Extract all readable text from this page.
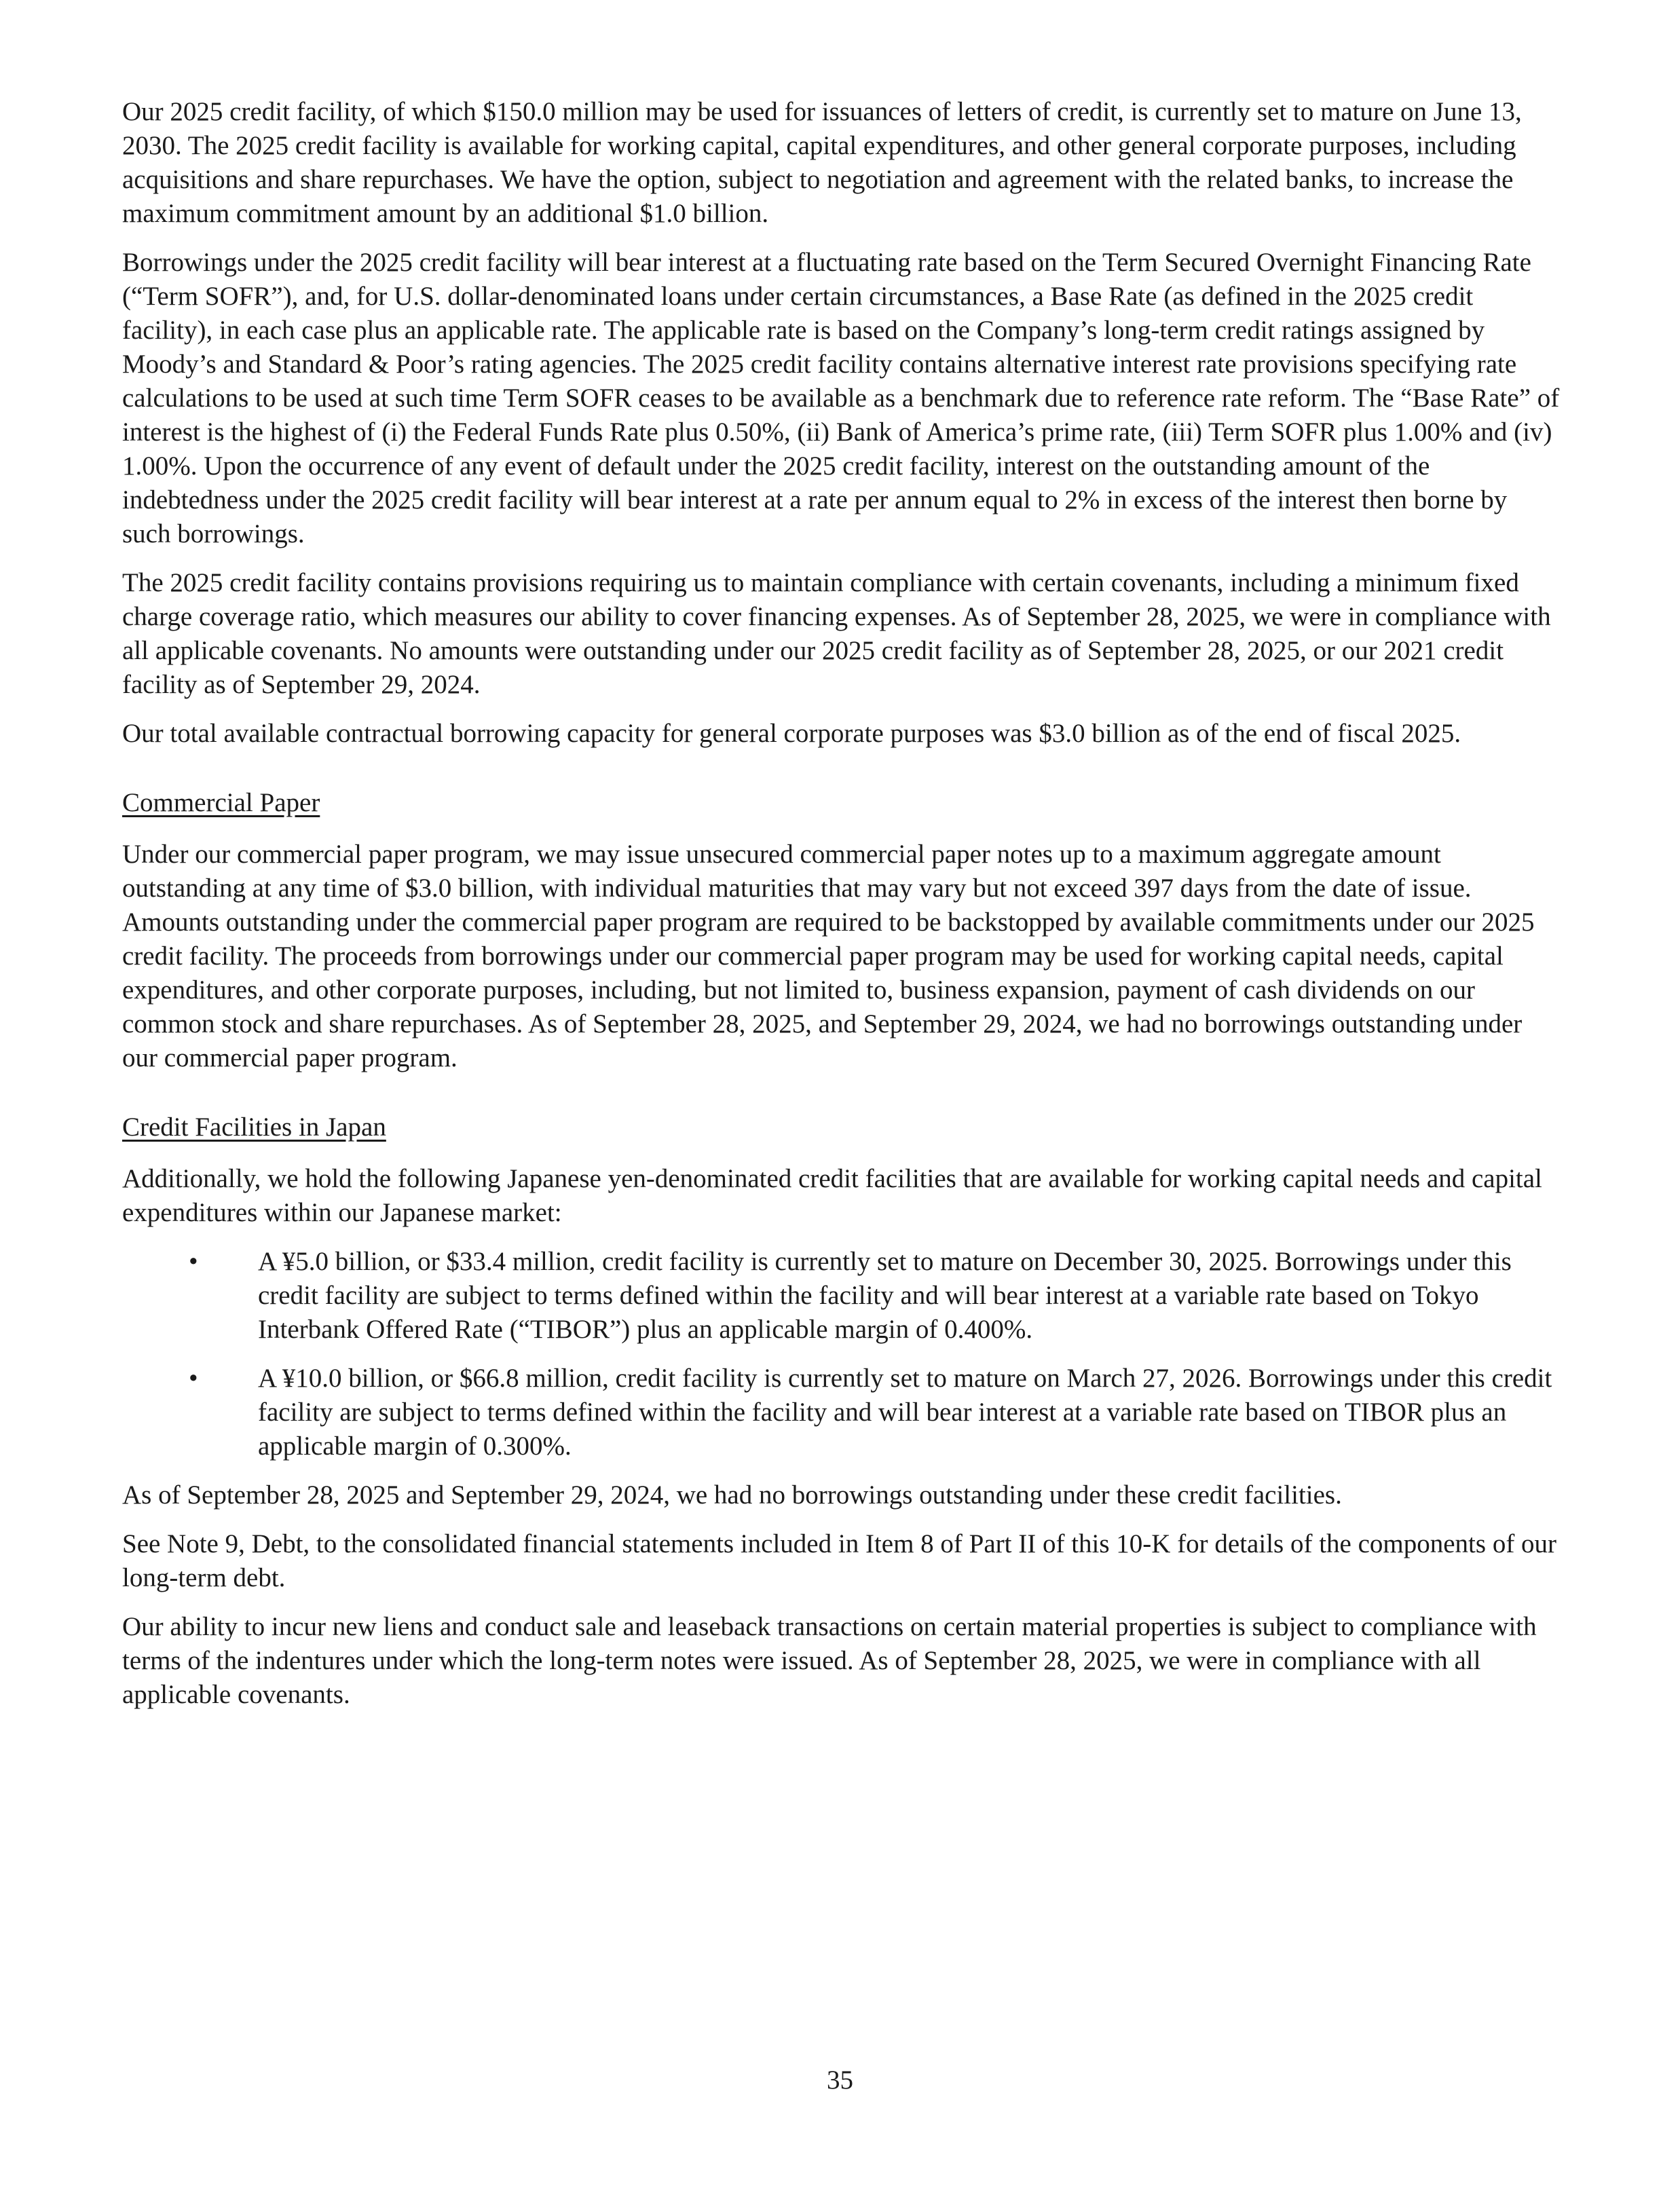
Our 2025 credit facility, of which $150.0 million may be used for issuances of letters of credit, is currently set to mature on June 13, 2030. The 2025 credit facility is available for working capital, capital expenditures, and other general corporate purposes, including acquisitions and share repurchases. We have the option, subject to negotiation and agreement with the related banks, to increase the maximum commitment amount by an additional $1.0 billion.

Borrowings under the 2025 credit facility will bear interest at a fluctuating rate based on the Term Secured Overnight Financing Rate (“Term SOFR”), and, for U.S. dollar-denominated loans under certain circumstances, a Base Rate (as defined in the 2025 credit facility), in each case plus an applicable rate. The applicable rate is based on the Company’s long-term credit ratings assigned by Moody’s and Standard & Poor’s rating agencies. The 2025 credit facility contains alternative interest rate provisions specifying rate calculations to be used at such time Term SOFR ceases to be available as a benchmark due to reference rate reform. The “Base Rate” of interest is the highest of (i) the Federal Funds Rate plus 0.50%, (ii) Bank of America’s prime rate, (iii) Term SOFR plus 1.00% and (iv) 1.00%. Upon the occurrence of any event of default under the 2025 credit facility, interest on the outstanding amount of the indebtedness under the 2025 credit facility will bear interest at a rate per annum equal to 2% in excess of the interest then borne by such borrowings.

The 2025 credit facility contains provisions requiring us to maintain compliance with certain covenants, including a minimum fixed charge coverage ratio, which measures our ability to cover financing expenses. As of September 28, 2025, we were in compliance with all applicable covenants. No amounts were outstanding under our 2025 credit facility as of September 28, 2025, or our 2021 credit facility as of September 29, 2024.

Our total available contractual borrowing capacity for general corporate purposes was $3.0 billion as of the end of fiscal 2025.

Commercial Paper

Under our commercial paper program, we may issue unsecured commercial paper notes up to a maximum aggregate amount outstanding at any time of $3.0 billion, with individual maturities that may vary but not exceed 397 days from the date of issue. Amounts outstanding under the commercial paper program are required to be backstopped by available commitments under our 2025 credit facility. The proceeds from borrowings under our commercial paper program may be used for working capital needs, capital expenditures, and other corporate purposes, including, but not limited to, business expansion, payment of cash dividends on our common stock and share repurchases. As of September 28, 2025, and September 29, 2024, we had no borrowings outstanding under our commercial paper program.

Credit Facilities in Japan

Additionally, we hold the following Japanese yen-denominated credit facilities that are available for working capital needs and capital expenditures within our Japanese market:

• A ¥5.0 billion, or $33.4 million, credit facility is currently set to mature on December 30, 2025. Borrowings under this credit facility are subject to terms defined within the facility and will bear interest at a variable rate based on Tokyo Interbank Offered Rate (“TIBOR”) plus an applicable margin of 0.400%.
• A ¥10.0 billion, or $66.8 million, credit facility is currently set to mature on March 27, 2026. Borrowings under this credit facility are subject to terms defined within the facility and will bear interest at a variable rate based on TIBOR plus an applicable margin of 0.300%.

As of September 28, 2025 and September 29, 2024, we had no borrowings outstanding under these credit facilities.

See Note 9, Debt, to the consolidated financial statements included in Item 8 of Part II of this 10-K for details of the components of our long-term debt.

Our ability to incur new liens and conduct sale and leaseback transactions on certain material properties is subject to compliance with terms of the indentures under which the long-term notes were issued. As of September 28, 2025, we were in compliance with all applicable covenants.

35
